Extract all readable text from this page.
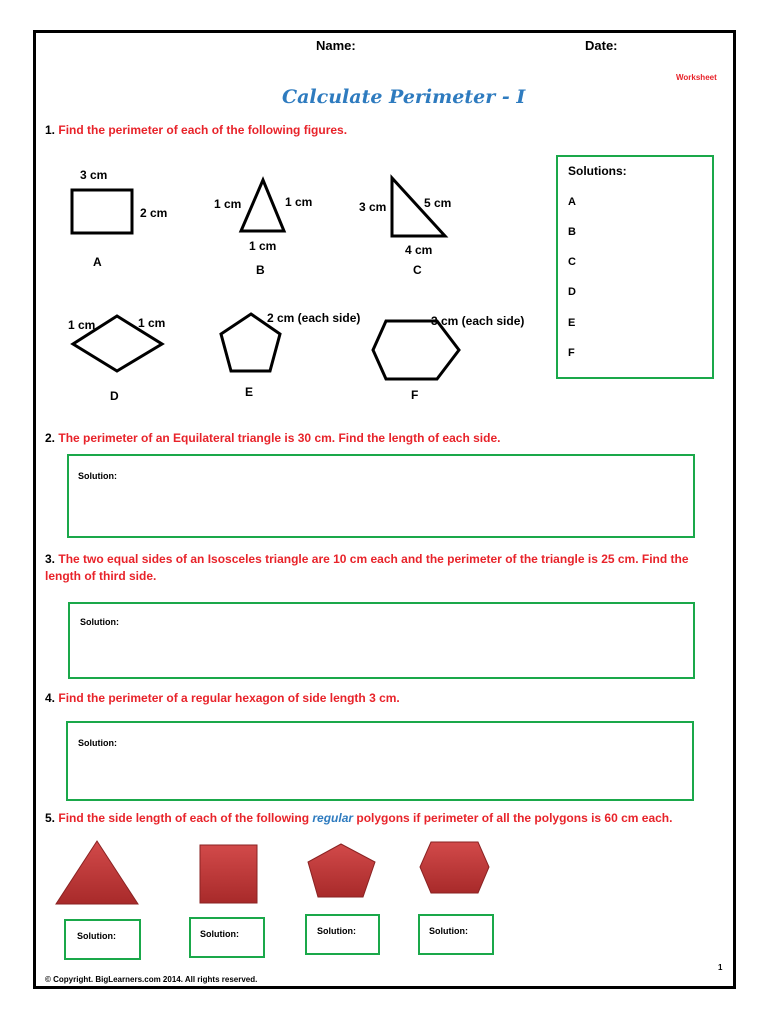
Name:	Date:
Worksheet
Calculate Perimeter - I
1. Find the perimeter of each of the following figures.
3 cm
2 cm
A
1 cm	1 cm
1 cm
B
3 cm	5 cm
4 cm
C
1 cm	1 cm
D
2 cm (each side)
E
3 cm (each side)
F
Solutions:
A
B
C
D
E
F
2. The perimeter of an Equilateral triangle is 30 cm. Find the length of each side.
Solution:
3. The two equal sides of an Isosceles triangle are 10 cm each and the perimeter of the triangle is 25 cm. Find the
length of third side.
Solution:
4. Find the perimeter of a regular hexagon of side length 3 cm.
Solution:
5. Find the side length of each of the following regular polygons if perimeter of all the polygons is 60 cm each.
Solution:	Solution:	Solution:	Solution:
© Copyright. BigLearners.com 2014. All rights reserved.
1
